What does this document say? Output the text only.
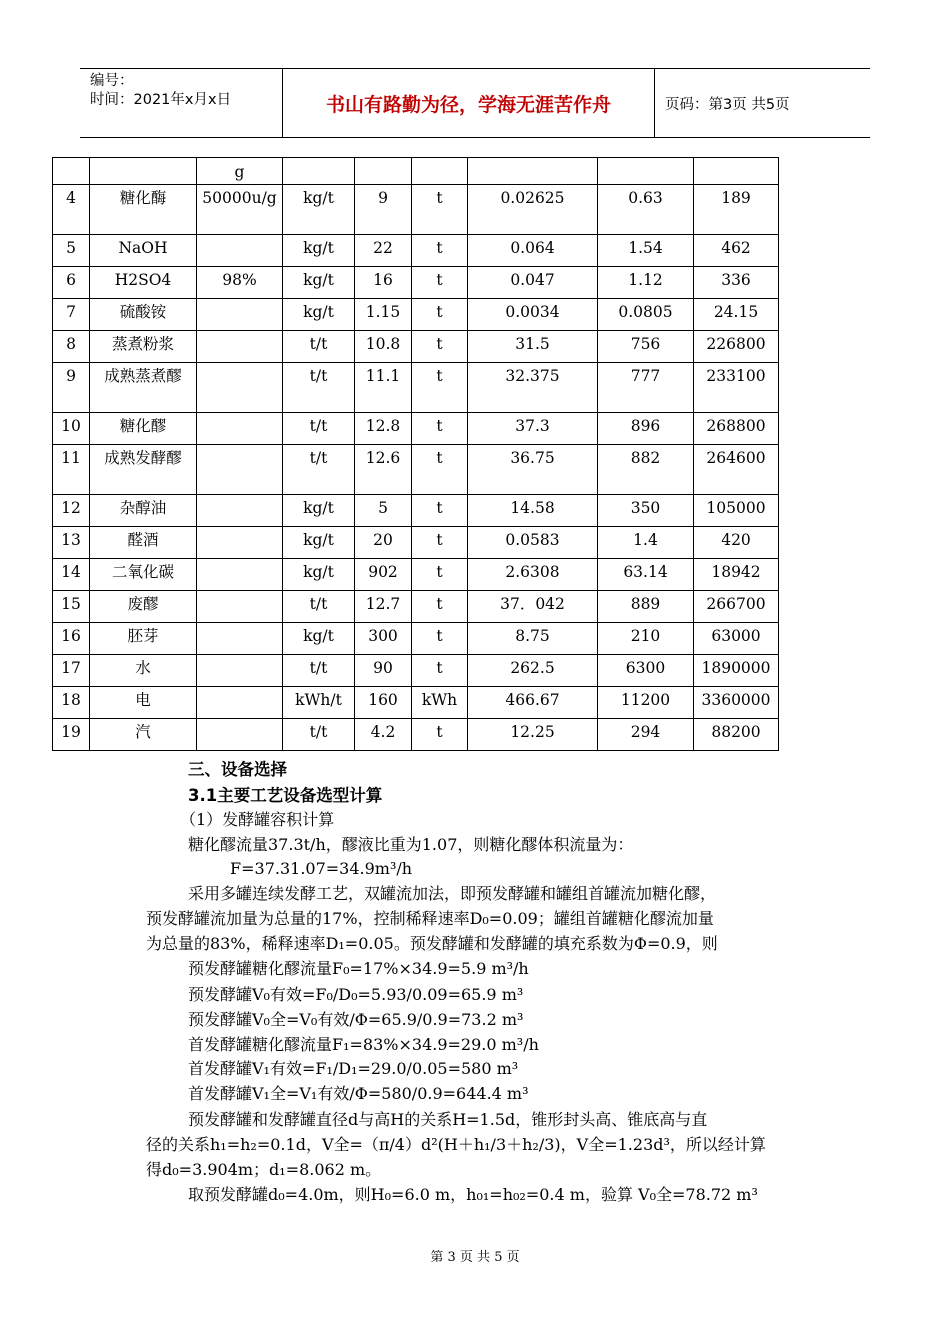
编号：
时间：2021年x月x日	书山有路勤为径，学海无涯苦作舟	页码：第3页 共5页
		g						
4	糖化酶	50000u/g	kg/t	9	t	0.02625	0.63	189
5	NaOH		kg/t	22	t	0.064	1.54	462
6	H2SO4	98%	kg/t	16	t	0.047	1.12	336
7	硫酸铵		kg/t	1.15	t	0.0034	0.0805	24.15
8	蒸煮粉浆		t/t	10.8	t	31.5	756	226800
9	成熟蒸煮醪		t/t	11.1	t	32.375	777	233100
10	糖化醪		t/t	12.8	t	37.3	896	268800
11	成熟发酵醪		t/t	12.6	t	36.75	882	264600
12	杂醇油		kg/t	5	t	14.58	350	105000
13	醛酒		kg/t	20	t	0.0583	1.4	420
14	二氧化碳		kg/t	902	t	2.6308	63.14	18942
15	废醪		t/t	12.7	t	37．042	889	266700
16	胚芽		kg/t	300	t	8.75	210	63000
17	水		t/t	90	t	262.5	6300	1890000
18	电		kWh/t	160	kWh	466.67	11200	3360000
19	汽		t/t	4.2	t	12.25	294	88200
三、设备选择
3.1主要工艺设备选型计算
（1）发酵罐容积计算
糖化醪流量37.3t/h，醪液比重为1.07，则糖化醪体积流量为：
F=37.31.07=34.9m³/h
采用多罐连续发酵工艺，双罐流加法，即预发酵罐和罐组首罐流加糖化醪，
预发酵罐流加量为总量的17%，控制稀释速率D₀=0.09；罐组首罐糖化醪流加量
为总量的83%，稀释速率D₁=0.05。预发酵罐和发酵罐的填充系数为Φ=0.9，则
预发酵罐糖化醪流量F₀=17%×34.9=5.9 m³/h
预发酵罐V₀有效=F₀/D₀=5.93/0.09=65.9 m³
预发酵罐V₀全=V₀有效/Φ=65.9/0.9=73.2 m³
首发酵罐糖化醪流量F₁=83%×34.9=29.0 m³/h
首发酵罐V₁有效=F₁/D₁=29.0/0.05=580 m³
首发酵罐V₁全=V₁有效/Φ=580/0.9=644.4 m³
预发酵罐和发酵罐直径d与高H的关系H=1.5d，锥形封头高、锥底高与直
径的关系h₁=h₂=0.1d，V全=（π/4）d²(H＋h₁/3＋h₂/3)，V全=1.23d³，所以经计算
得d₀=3.904m；d₁=8.062 m。
取预发酵罐d₀=4.0m，则H₀=6.0 m，h₀₁=h₀₂=0.4 m，验算 V₀全=78.72 m³
第 3 页 共 5 页
